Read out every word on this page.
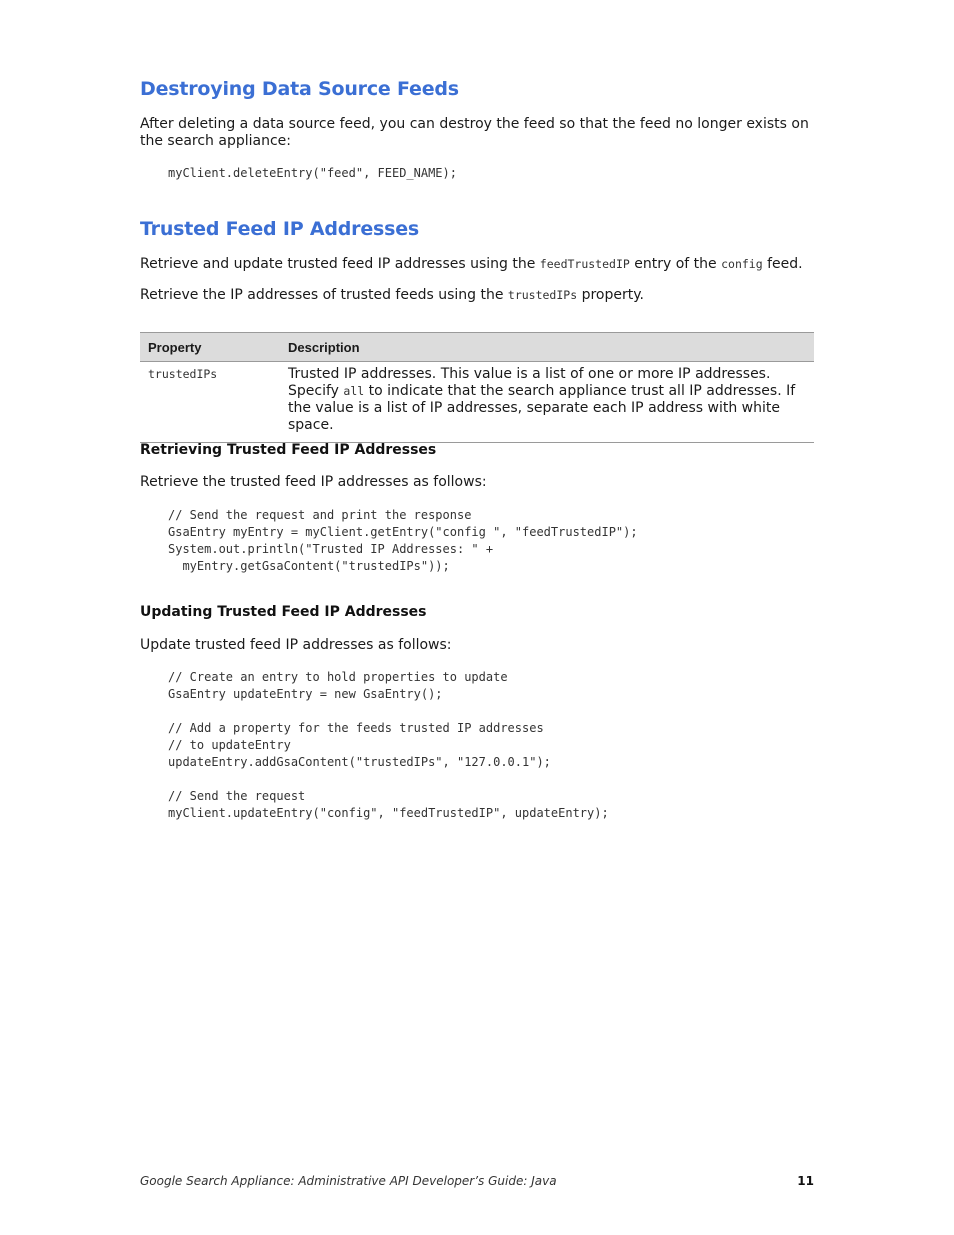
Destroying Data Source Feeds

After deleting a data source feed, you can destroy the feed so that the feed no longer exists on the search appliance:

myClient.deleteEntry("feed", FEED_NAME);
Trusted Feed IP Addresses

Retrieve and update trusted feed IP addresses using the feedTrustedIP entry of the config feed.

Retrieve the IP addresses of trusted feeds using the trustedIPs property.

Property	Description
trustedIPs	Trusted IP addresses. This value is a list of one or more IP addresses. Specify all to indicate that the search appliance trust all IP addresses. If the value is a list of IP addresses, separate each IP address with white space.
Retrieving Trusted Feed IP Addresses

Retrieve the trusted feed IP addresses as follows:

// Send the request and print the response
GsaEntry myEntry = myClient.getEntry("config ", "feedTrustedIP");
System.out.println("Trusted IP Addresses: " +
myEntry.getGsaContent("trustedIPs"));
Updating Trusted Feed IP Addresses

Update trusted feed IP addresses as follows:

// Create an entry to hold properties to update
GsaEntry updateEntry = new GsaEntry();

// Add a property for the feeds trusted IP addresses
// to updateEntry
updateEntry.addGsaContent("trustedIPs", "127.0.0.1");

// Send the request
myClient.updateEntry("config", "feedTrustedIP", updateEntry);
Google Search Appliance: Administrative API Developer’s Guide: Java	11
